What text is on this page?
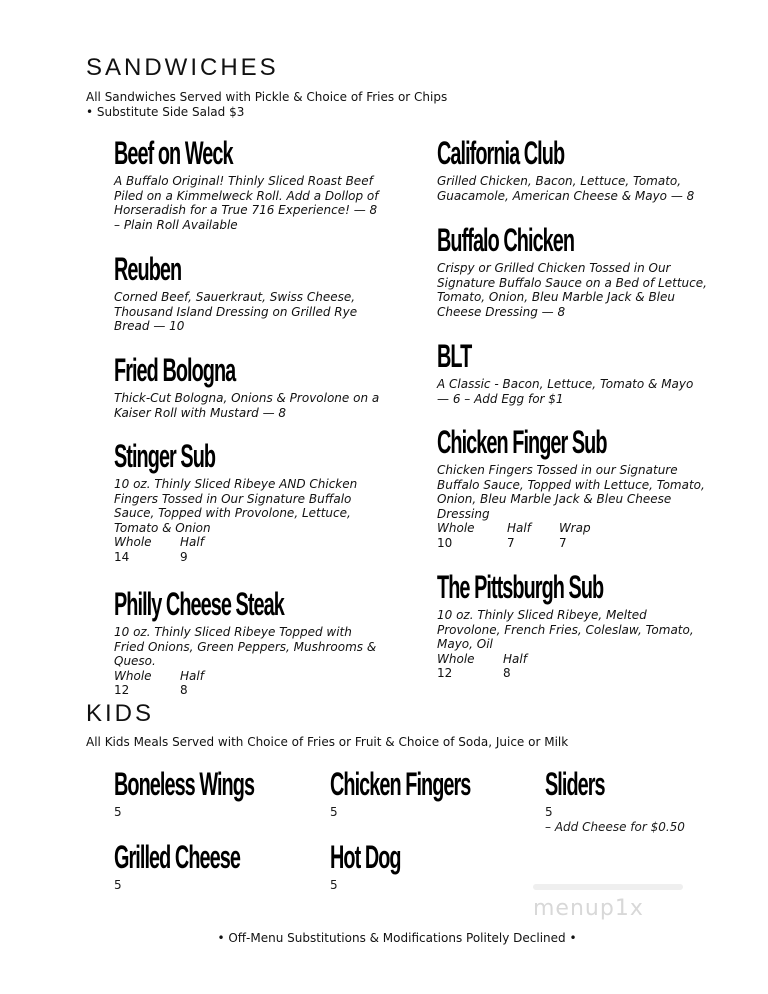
SANDWICHES
All Sandwiches Served with Pickle & Choice of Fries or Chips
• Substitute Side Salad $3
Beef on Weck
A Buffalo Original! Thinly Sliced Roast Beef Piled on a Kimmelweck Roll. Add a Dollop of Horseradish for a True 716 Experience! — 8 – Plain Roll Available
Reuben
Corned Beef, Sauerkraut, Swiss Cheese, Thousand Island Dressing on Grilled Rye Bread — 10
Fried Bologna
Thick-Cut Bologna, Onions & Provolone on a Kaiser Roll with Mustard — 8
Stinger Sub
10 oz. Thinly Sliced Ribeye AND Chicken Fingers Tossed in Our Signature Buffalo Sauce, Topped with Provolone, Lettuce, Tomato & Onion
Whole	Half
14	9
Philly Cheese Steak
10 oz. Thinly Sliced Ribeye Topped with Fried Onions, Green Peppers, Mushrooms & Queso.
Whole	Half
12	8
California Club
Grilled Chicken, Bacon, Lettuce, Tomato, Guacamole, American Cheese & Mayo — 8
Buffalo Chicken
Crispy or Grilled Chicken Tossed in Our Signature Buffalo Sauce on a Bed of Lettuce, Tomato, Onion, Bleu Marble Jack & Bleu Cheese Dressing — 8
BLT
A Classic - Bacon, Lettuce, Tomato & Mayo — 6 – Add Egg for $1
Chicken Finger Sub
Chicken Fingers Tossed in our Signature Buffalo Sauce, Topped with Lettuce, Tomato, Onion, Bleu Marble Jack & Bleu Cheese Dressing
Whole	Half	Wrap
10	7	7
The Pittsburgh Sub
10 oz. Thinly Sliced Ribeye, Melted Provolone, French Fries, Coleslaw, Tomato, Mayo, Oil
Whole	Half
12	8
KIDS
All Kids Meals Served with Choice of Fries or Fruit & Choice of Soda, Juice or Milk
Boneless Wings
5
Chicken Fingers
5
Sliders
5
– Add Cheese for $0.50
Grilled Cheese
5
Hot Dog
5
menup1x
• Off-Menu Substitutions & Modifications Politely Declined •
